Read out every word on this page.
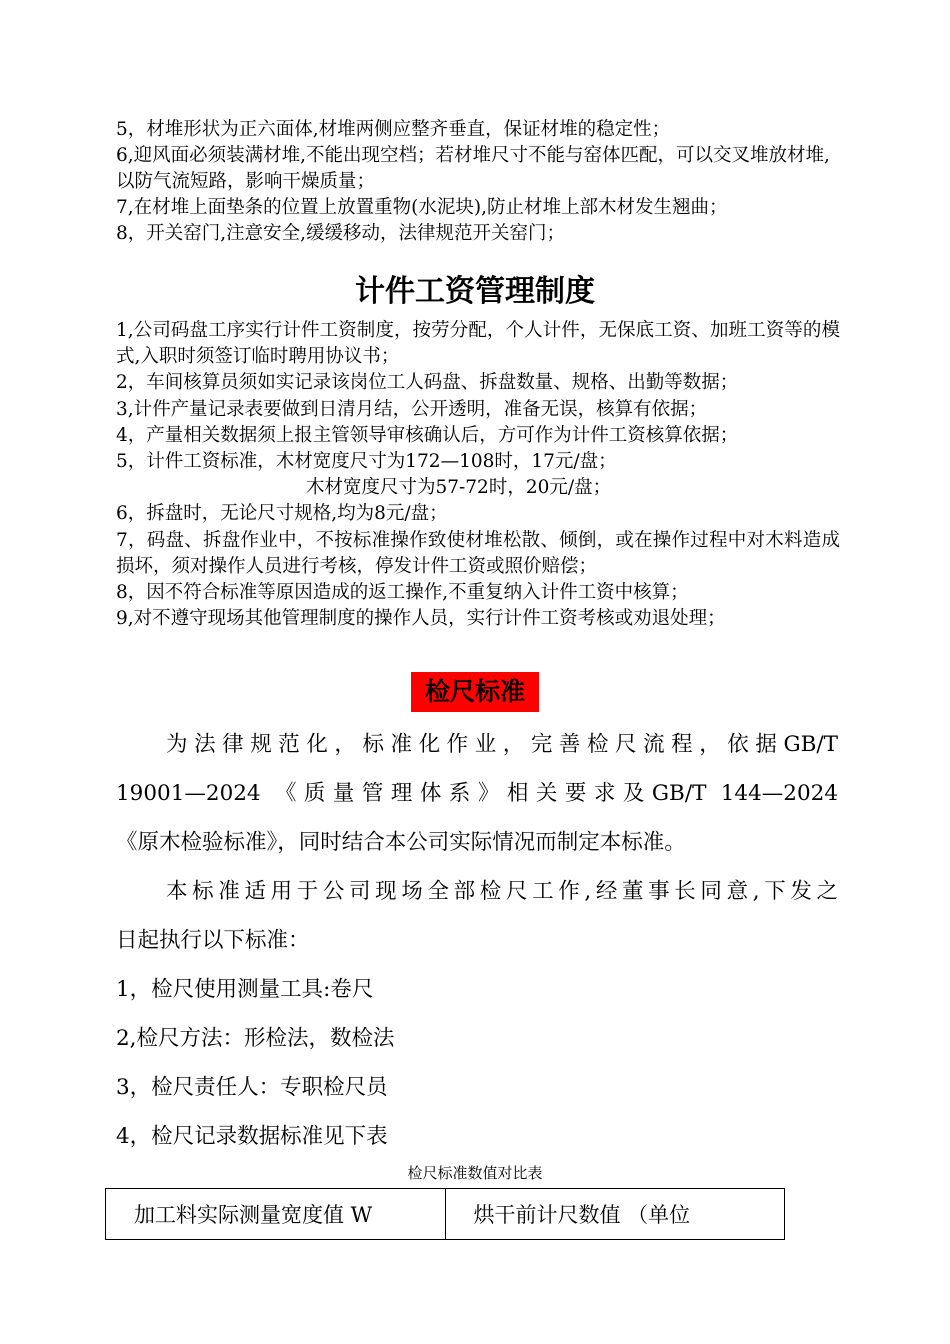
5，材堆形状为正六面体,材堆两侧应整齐垂直，保证材堆的稳定性；

6,迎风面必须装满材堆,不能出现空档；若材堆尺寸不能与窑体匹配，可以交叉堆放材堆,以防气流短路，影响干燥质量；

7,在材堆上面垫条的位置上放置重物(水泥块),防止材堆上部木材发生翘曲；

8，开关窑门,注意安全,缓缓移动，法律规范开关窑门；

计件工资管理制度

1,公司码盘工序实行计件工资制度，按劳分配，个人计件，无保底工资、加班工资等的模式,入职时须签订临时聘用协议书；

2，车间核算员须如实记录该岗位工人码盘、拆盘数量、规格、出勤等数据；

3,计件产量记录表要做到日清月结，公开透明，准备无误，核算有依据；

4，产量相关数据须上报主管领导审核确认后，方可作为计件工资核算依据；

5，计件工资标准，木材宽度尺寸为172—108时，17元/盘；

木材宽度尺寸为57-72时，20元/盘；

6，拆盘时，无论尺寸规格,均为8元/盘；

7，码盘、拆盘作业中，不按标准操作致使材堆松散、倾倒，或在操作过程中对木料造成损坏，须对操作人员进行考核，停发计件工资或照价赔偿；

8，因不符合标准等原因造成的返工操作,不重复纳入计件工资中核算；

9,对不遵守现场其他管理制度的操作人员，实行计件工资考核或劝退处理；

检尺标准

为法律规范化，标准化作业，完善检尺流程，依据GB/T

19001—2024 《质量管理体系》相关要求及GB/T 144—2024

《原木检验标准》，同时结合本公司实际情况而制定本标准。

本标准适用于公司现场全部检尺工作,经董事长同意,下发之

日起执行以下标准：

1，检尺使用测量工具:卷尺

2,检尺方法：形检法，数检法

3，检尺责任人：专职检尺员

4，检尺记录数据标准见下表

检尺标准数值对比表

加工料实际测量宽度值 W	烘干前计尺数值 （单位
